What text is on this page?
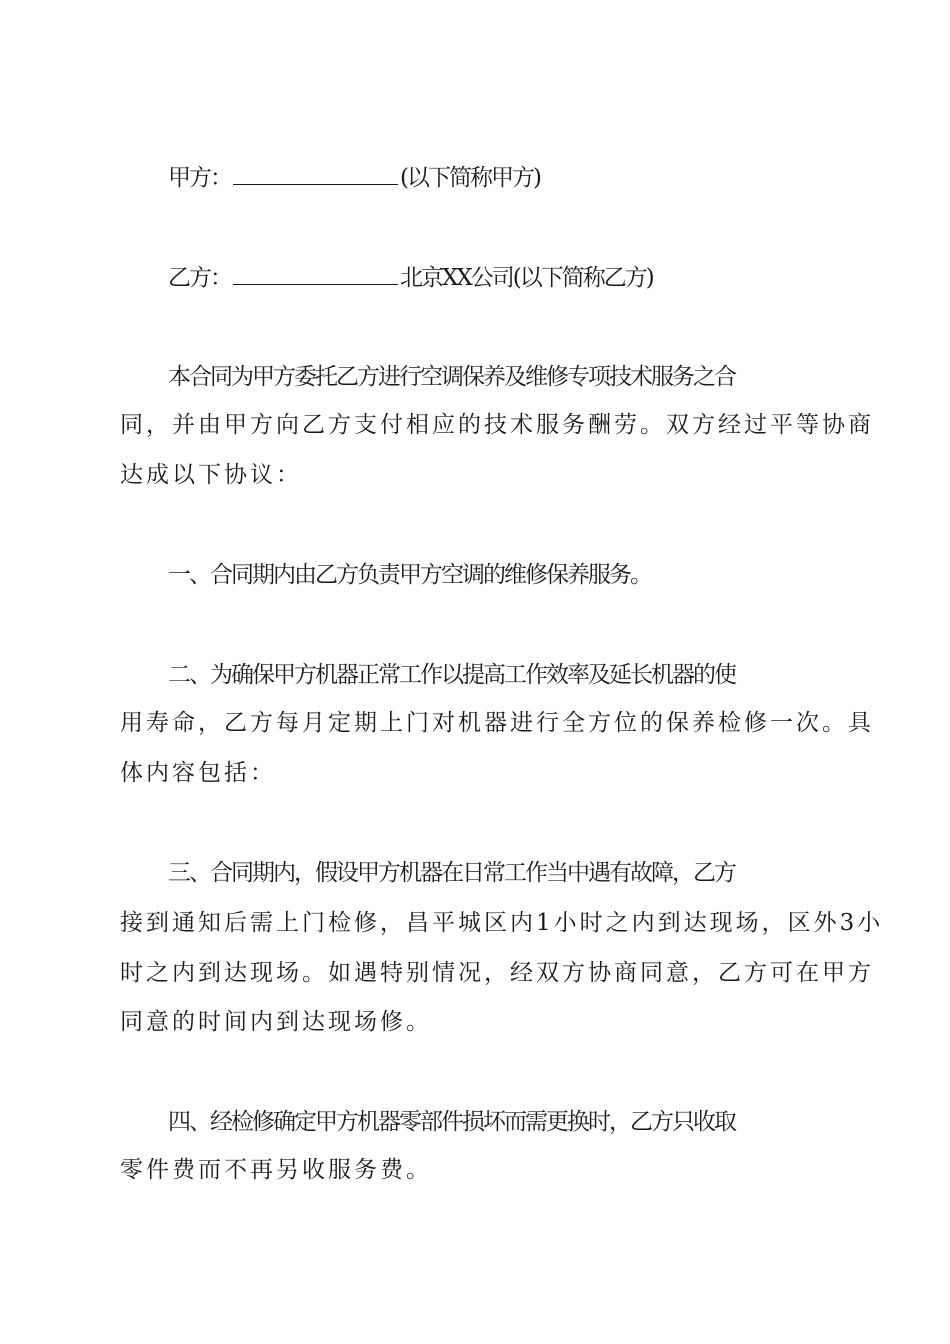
甲方：	(以下简称甲方)
乙方：	北京XX公司(以下简称乙方)
本合同为甲方委托乙方进行空调保养及维修专项技术服务之合
同，并由甲方向乙方支付相应的技术服务酬劳。双方经过平等协商
达成以下协议：
一、合同期内由乙方负责甲方空调的维修保养服务。
二、为确保甲方机器正常工作以提高工作效率及延长机器的使
用寿命，乙方每月定期上门对机器进行全方位的保养检修一次。具
体内容包括：
三、合同期内，假设甲方机器在日常工作当中遇有故障，乙方
接到通知后需上门检修，昌平城区内1小时之内到达现场，区外3小
时之内到达现场。如遇特别情况，经双方协商同意，乙方可在甲方
同意的时间内到达现场修。
四、经检修确定甲方机器零部件损坏而需更换时，乙方只收取
零件费而不再另收服务费。
